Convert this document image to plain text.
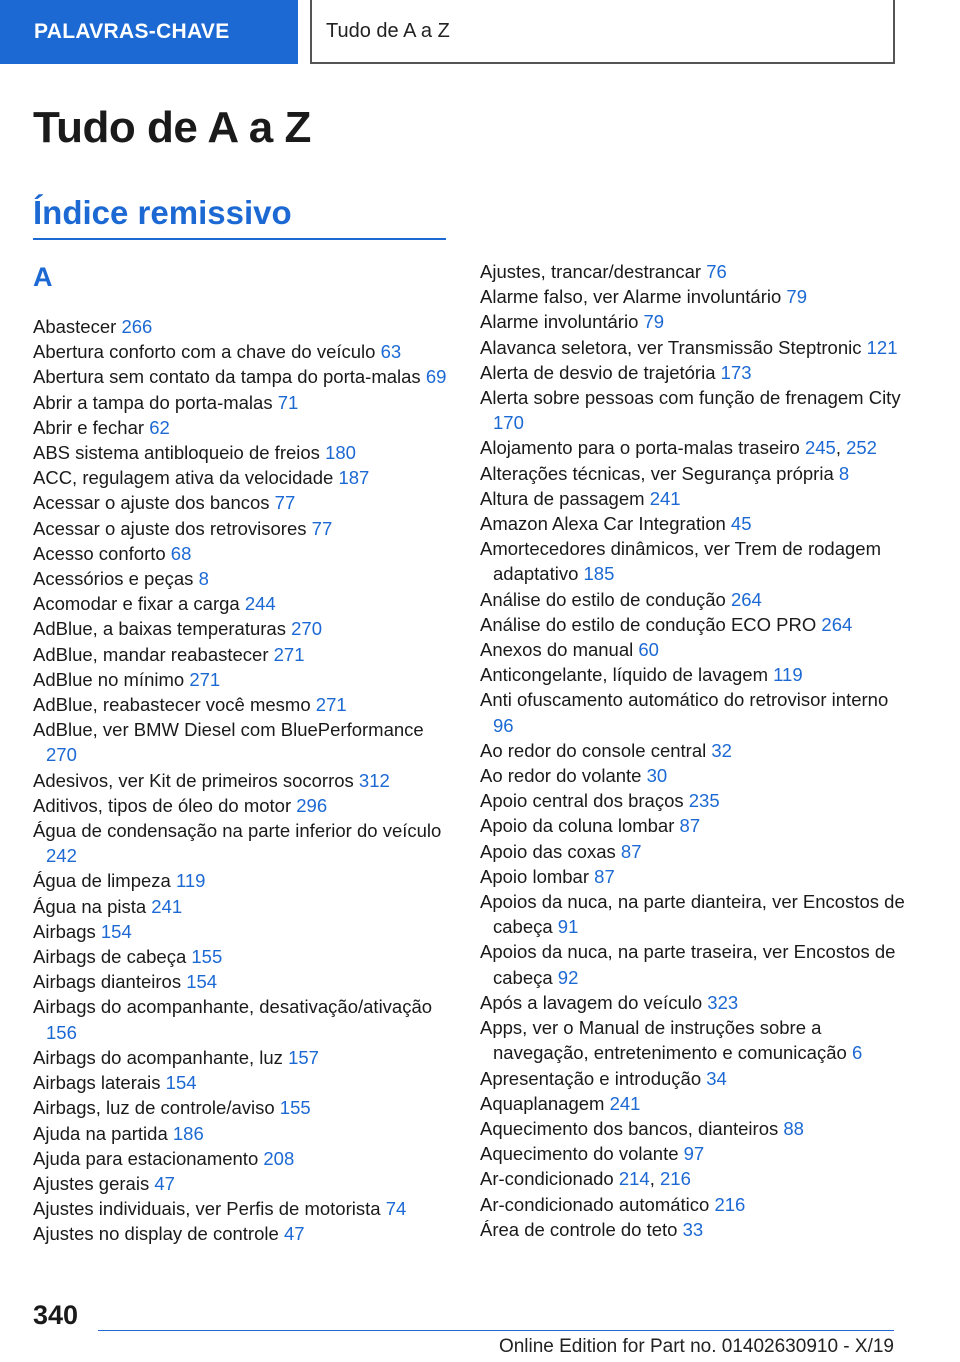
PALAVRAS-CHAVE	Tudo de A a Z
Tudo de A a Z
Índice remissivo
A
Abastecer 266
Abertura conforto com a chave do veículo 63
Abertura sem contato da tampa do porta-malas 69
Abrir a tampa do porta-malas 71
Abrir e fechar 62
ABS sistema antibloqueio de freios 180
ACC, regulagem ativa da velocidade 187
Acessar o ajuste dos bancos 77
Acessar o ajuste dos retrovisores 77
Acesso conforto 68
Acessórios e peças 8
Acomodar e fixar a carga 244
AdBlue, a baixas temperaturas 270
AdBlue, mandar reabastecer 271
AdBlue no mínimo 271
AdBlue, reabastecer você mesmo 271
AdBlue, ver BMW Diesel com BluePerformance 270
Adesivos, ver Kit de primeiros socorros 312
Aditivos, tipos de óleo do motor 296
Água de condensação na parte inferior do veículo 242
Água de limpeza 119
Água na pista 241
Airbags 154
Airbags de cabeça 155
Airbags dianteiros 154
Airbags do acompanhante, desativação/ativação 156
Airbags do acompanhante, luz 157
Airbags laterais 154
Airbags, luz de controle/aviso 155
Ajuda na partida 186
Ajuda para estacionamento 208
Ajustes gerais 47
Ajustes individuais, ver Perfis de motorista 74
Ajustes no display de controle 47
Ajustes, trancar/destrancar 76
Alarme falso, ver Alarme involuntário 79
Alarme involuntário 79
Alavanca seletora, ver Transmissão Steptronic 121
Alerta de desvio de trajetória 173
Alerta sobre pessoas com função de frenagem City 170
Alojamento para o porta-malas traseiro 245, 252
Alterações técnicas, ver Segurança própria 8
Altura de passagem 241
Amazon Alexa Car Integration 45
Amortecedores dinâmicos, ver Trem de rodagem adaptativo 185
Análise do estilo de condução 264
Análise do estilo de condução ECO PRO 264
Anexos do manual 60
Anticongelante, líquido de lavagem 119
Anti ofuscamento automático do retrovisor interno 96
Ao redor do console central 32
Ao redor do volante 30
Apoio central dos braços 235
Apoio da coluna lombar 87
Apoio das coxas 87
Apoio lombar 87
Apoios da nuca, na parte dianteira, ver Encostos de cabeça 91
Apoios da nuca, na parte traseira, ver Encostos de cabeça 92
Após a lavagem do veículo 323
Apps, ver o Manual de instruções sobre a navegação, entretenimento e comunicação 6
Apresentação e introdução 34
Aquaplanagem 241
Aquecimento dos bancos, dianteiros 88
Aquecimento do volante 97
Ar-condicionado 214, 216
Ar-condicionado automático 216
Área de controle do teto 33
340
Online Edition for Part no. 01402630910 - X/19
